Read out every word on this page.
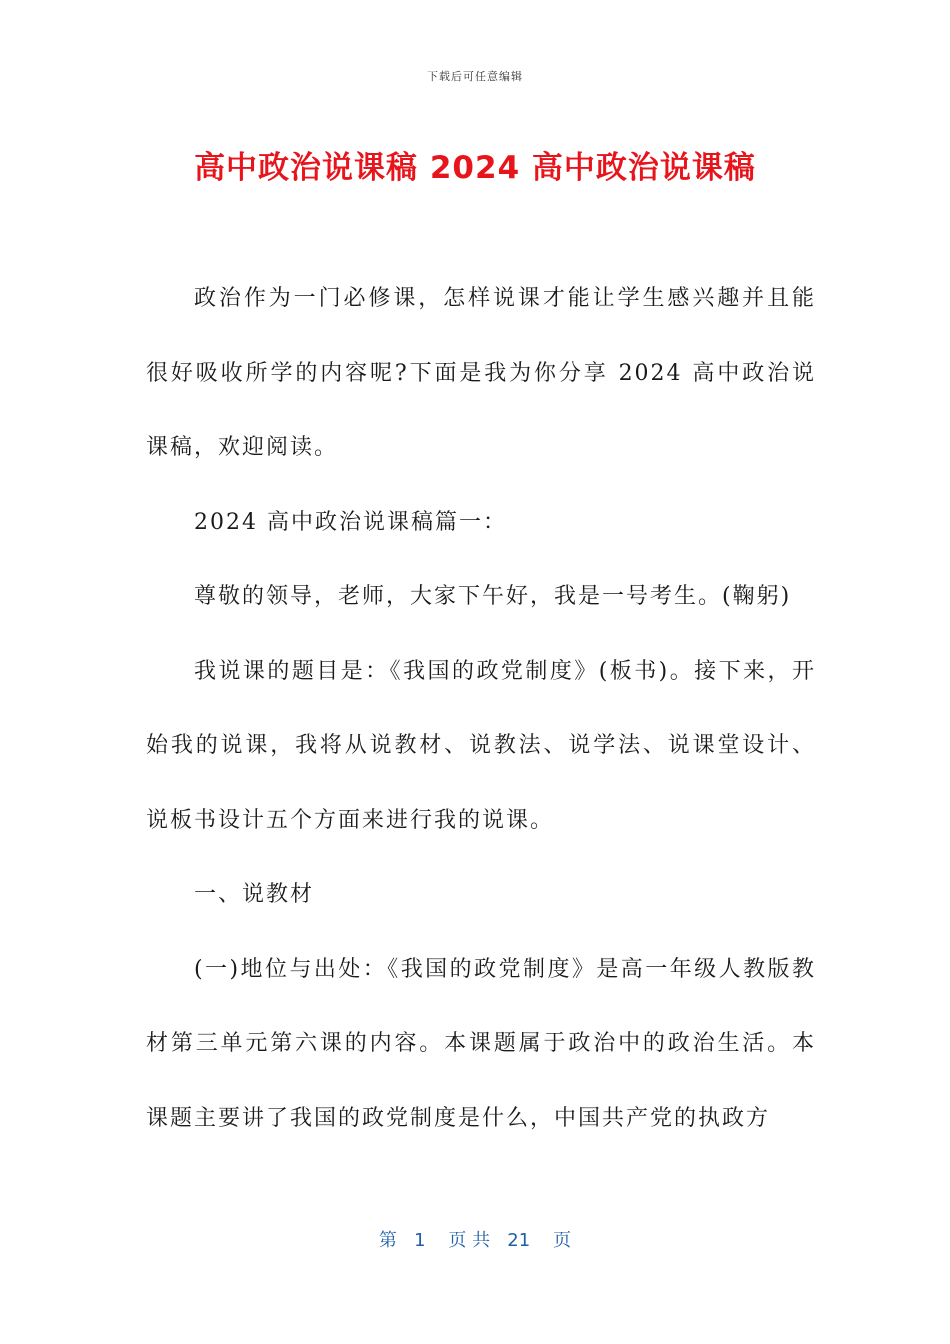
下载后可任意编辑
高中政治说课稿 2024 高中政治说课稿

政治作为一门必修课，怎样说课才能让学生感兴趣并且能很好吸收所学的内容呢?下面是我为你分享 2024 高中政治说课稿，欢迎阅读。

2024 高中政治说课稿篇一：

尊敬的领导，老师，大家下午好，我是一号考生。(鞠躬)

我说课的题目是：《我国的政党制度》(板书)。接下来，开始我的说课，我将从说教材、说教法、说学法、说课堂设计、说板书设计五个方面来进行我的说课。

一、说教材

(一)地位与出处：《我国的政党制度》是高一年级人教版教材第三单元第六课的内容。本课题属于政治中的政治生活。本课题主要讲了我国的政党制度是什么，中国共产党的执政方

第   1    页 共   21    页
